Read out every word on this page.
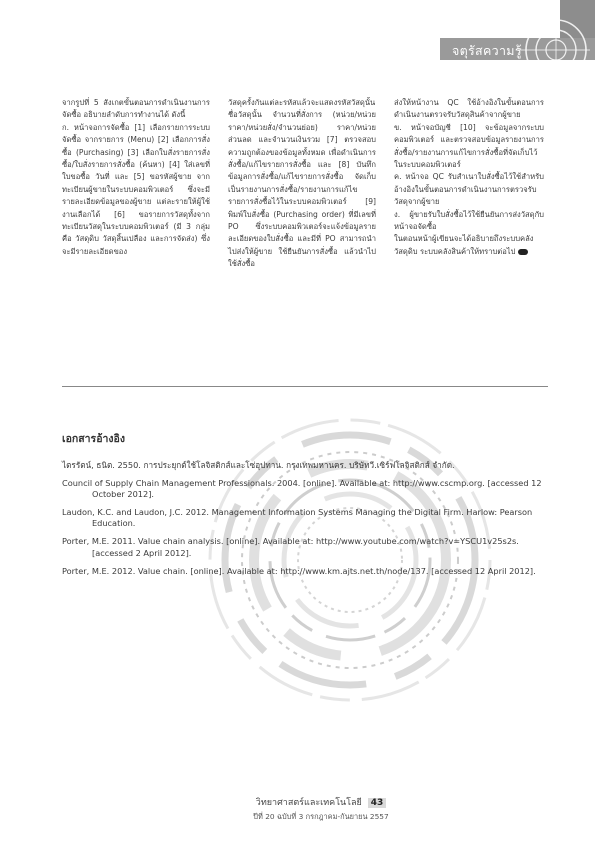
จตุรัสความรู้

จากรูปที่ 5 สังเกตขั้นตอนการดำเนินงานการจัดซื้อ อธิบายลำดับการทำงานได้ ดังนี้

ก. หน้าจอการจัดซื้อ [1] เลือกรายการระบบจัดซื้อ จากรายการ (Menu) [2] เลือกการสั่งซื้อ (Purchasing) [3] เลือกใบสั่งรายการสั่งซื้อ/ใบสั่งรายการสั่งซื้อ (ค้นหา) [4] ใส่เลขที่ใบขอซื้อ วันที่ และ [5] ขอรหัสผู้ขาย จากทะเบียนผู้ขายในระบบคอมพิวเตอร์ ซึ่งจะมีรายละเอียดข้อมูลของผู้ขาย แต่ละรายให้ผู้ใช้งานเลือกได้ [6] ขอรายการวัสดุทั้งจากทะเบียนวัสดุในระบบคอมพิวเตอร์ (มี 3 กลุ่ม คือ วัสดุดิบ วัสดุสิ้นเปลือง และการจัดส่ง) ซึ่งจะมีรายละเอียดของ

วัสดุครั้งกันแต่ละรหัสแล้วจะแสดงรหัสวัสดุนั้น ชื่อวัสดุนั้น จำนวนที่สั่งการ (หน่วย/หน่วยราคา/หน่วยสั่ง/จำนวนย่อย) ราคา/หน่วย ส่วนลด และจำนวนเงินรวม [7] ตรวจสอบความถูกต้องของข้อมูลทั้งหมด เพื่อดำเนินการสั่งซื้อ/แก้ไขรายการสั่งซื้อ และ [8] บันทึกข้อมูลการสั่งซื้อ/แก้ไขรายการสั่งซื้อ จัดเก็บเป็นรายงานการสั่งซื้อ/รายงานการแก้ไขรายการสั่งซื้อไว้ในระบบคอมพิวเตอร์ [9] พิมพ์ใบสั่งซื้อ (Purchasing order) ที่มีเลขที่ PO ซึ่งระบบคอมพิวเตอร์จะแจ้งข้อมูลรายละเอียดของใบสั่งซื้อ และมีที่ PO สามารถนำไปส่งให้ผู้ขาย ใช้ยืนยันการสั่งซื้อ แล้วนำไปใช้สั่งซื้อ

ส่งให้หน้างาน QC ใช้อ้างอิงในขั้นตอนการดำเนินงานตรวจรับวัสดุสินค้าจากผู้ขาย

ข. หน้าจอบัญชี [10] จะข้อมูลจากระบบคอมพิวเตอร์ และตรวจสอบข้อมูลรายงานการสั่งซื้อ/รายงานการแก้ไขการสั่งซื้อที่จัดเก็บไว้ในระบบคอมพิวเตอร์

ค. หน้าจอ QC รับสำเนาใบสั่งซื้อไว้ใช้สำหรับอ้างอิงในขั้นตอนการดำเนินงานการตรวจรับวัสดุจากผู้ขาย

ง. ผู้ขายรับใบสั่งซื้อไว้ใช้ยืนยันการส่งวัสดุกับหน้าจอจัดซื้อ

ในตอนหน้าผู้เขียนจะได้อธิบายถึงระบบคลังวัสดุดิบ ระบบคลังสินค้าให้ทราบต่อไป

เอกสารอ้างอิง

ไตรรัตน์, ธนิต. 2550. การประยุกต์ใช้โลจิสติกส์และโซ่อุปทาน. กรุงเทพมหานคร. บริษัทวี.เซิร์ฟโลจิสติกส์ จำกัด.

Council of Supply Chain Management Professionals. 2004. [online]. Available at: http://www.cscmp.org. [accessed 12 October 2012].

Laudon, K.C. and Laudon, J.C. 2012. Management Information Systems Managing the Digital Firm. Harlow: Pearson Education.

Porter, M.E. 2011. Value chain analysis. [online]. Available at: http://www.youtube.com/watch?v=YSCU1v25s2s. [accessed 2 April 2012].

Porter, M.E. 2012. Value chain. [online]. Available at: http://www.km.ajts.net.th/node/137. [accessed 12 April 2012].

วิทยาศาสตร์และเทคโนโลยี 43
ปีที่ 20 ฉบับที่ 3 กรกฎาคม-กันยายน 2557
